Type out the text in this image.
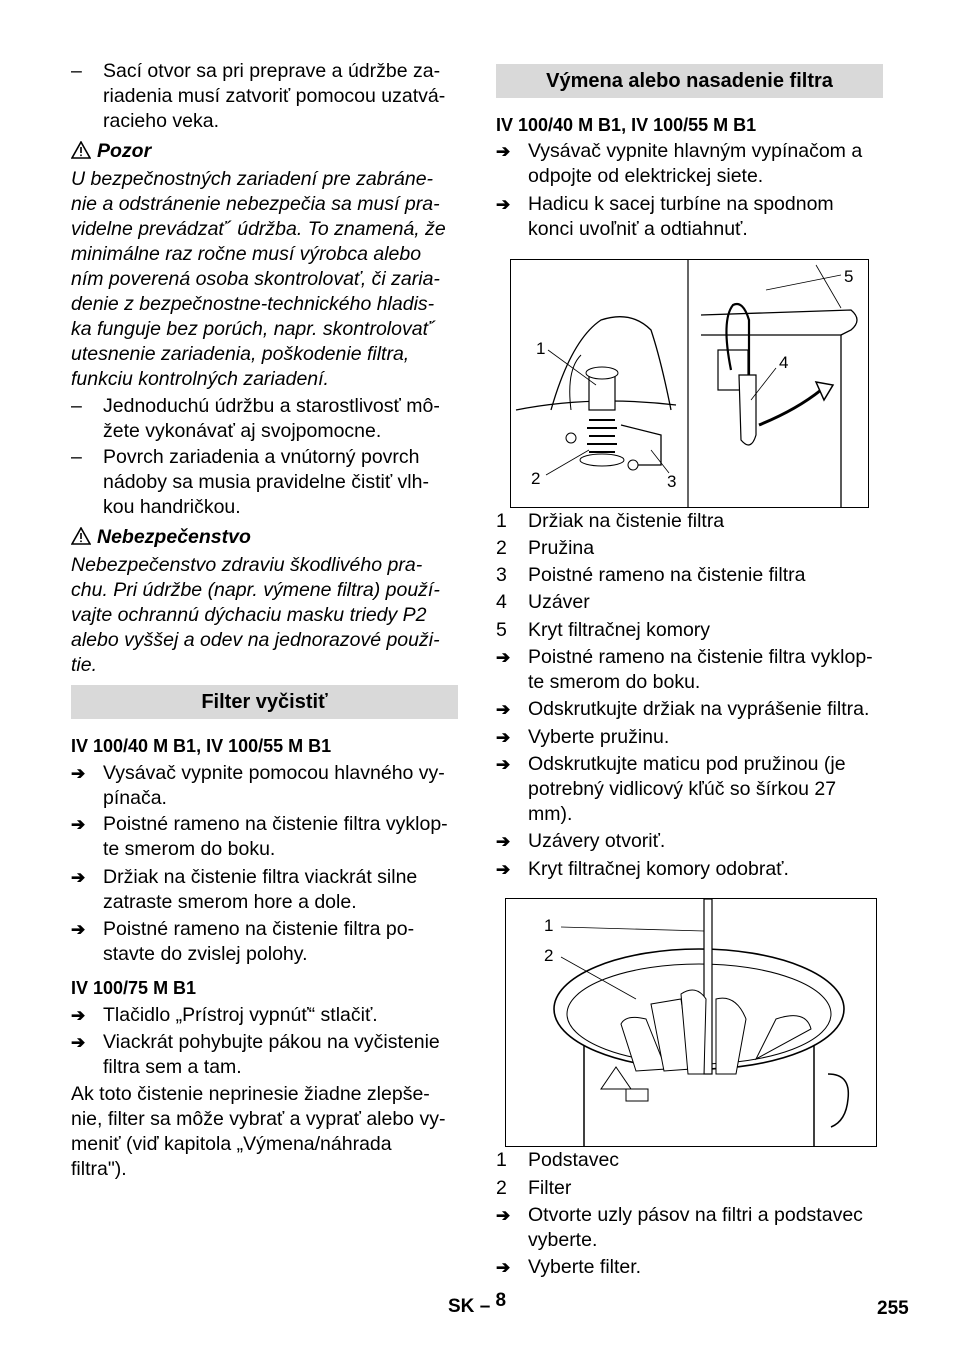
– Sací otvor sa pri preprave a údržbe za-
riadenia musí zatvoriť pomocou uzatvá-
racieho veka.
Pozor
U bezpečnostných zariadení pre zabráne-
nie a odstránenie nebezpečia sa musí pra-
videlne prevádzať´ údržba. To znamená, že
minimálne raz ročne musí výrobca alebo
ním poverená osoba skontrolovať, či zaria-
denie z bezpečnostne-technického hladis-
ka funguje bez porúch, napr. skontrolovať´
utesnenie zariadenia, poškodenie filtra,
funkciu kontrolných zariadení.
– Jednoduchú údržbu a starostlivosť mô-
žete vykonávať aj svojpomocne.
– Povrch zariadenia a vnútorný povrch
nádoby sa musia pravidelne čistiť vlh-
kou handričkou.
Nebezpečenstvo
Nebezpečenstvo zdraviu škodlivého pra-
chu. Pri údržbe (napr. výmene filtra) použí-
vajte ochrannú dýchaciu masku triedy P2
alebo vyššej a odev na jednorazové použi-
tie.
Filter vyčistiť
IV 100/40 M B1, IV 100/55 M B1
➔ Vysávač vypnite pomocou hlavného vy-
pínača.
➔ Poistné rameno na čistenie filtra vyklop-
te smerom do boku.
➔ Držiak na čistenie filtra viackrát silne
zatraste smerom hore a dole.
➔ Poistné rameno na čistenie filtra po-
stavte do zvislej polohy.
IV 100/75 M B1
➔ Tlačidlo „Prístroj vypnúť“ stlačiť.
➔ Viackrát pohybujte pákou na vyčistenie
filtra sem a tam.
Ak toto čistenie neprinesie žiadne zlepše-
nie, filter sa môže vybrať a vyprať alebo vy-
meniť (viď kapitola „Výmena/náhrada
filtra").
Výmena alebo nasadenie filtra
IV 100/40 M B1, IV 100/55 M B1
➔ Vysávač vypnite hlavným vypínačom a
odpojte od elektrickej siete.
➔ Hadicu k sacej turbíne na spodnom
konci uvoľniť a odtiahnuť.
1
2	3
4
5
1 Držiak na čistenie filtra
2 Pružina
3 Poistné rameno na čistenie filtra
4 Uzáver
5 Kryt filtračnej komory
➔ Poistné rameno na čistenie filtra vyklop-
te smerom do boku.
➔ Odskrutkujte držiak na vyprášenie filtra.
➔ Vyberte pružinu.
➔ Odskrutkujte maticu pod pružinou (je
potrebný vidlicový kľúč so šírkou 27
mm).
➔ Uzávery otvoriť.
➔ Kryt filtračnej komory odobrať.
1
2
1 Podstavec
2 Filter
➔ Otvorte uzly pásov na filtri a podstavec
vyberte.
➔ Vyberte filter.
SK – 8	255
